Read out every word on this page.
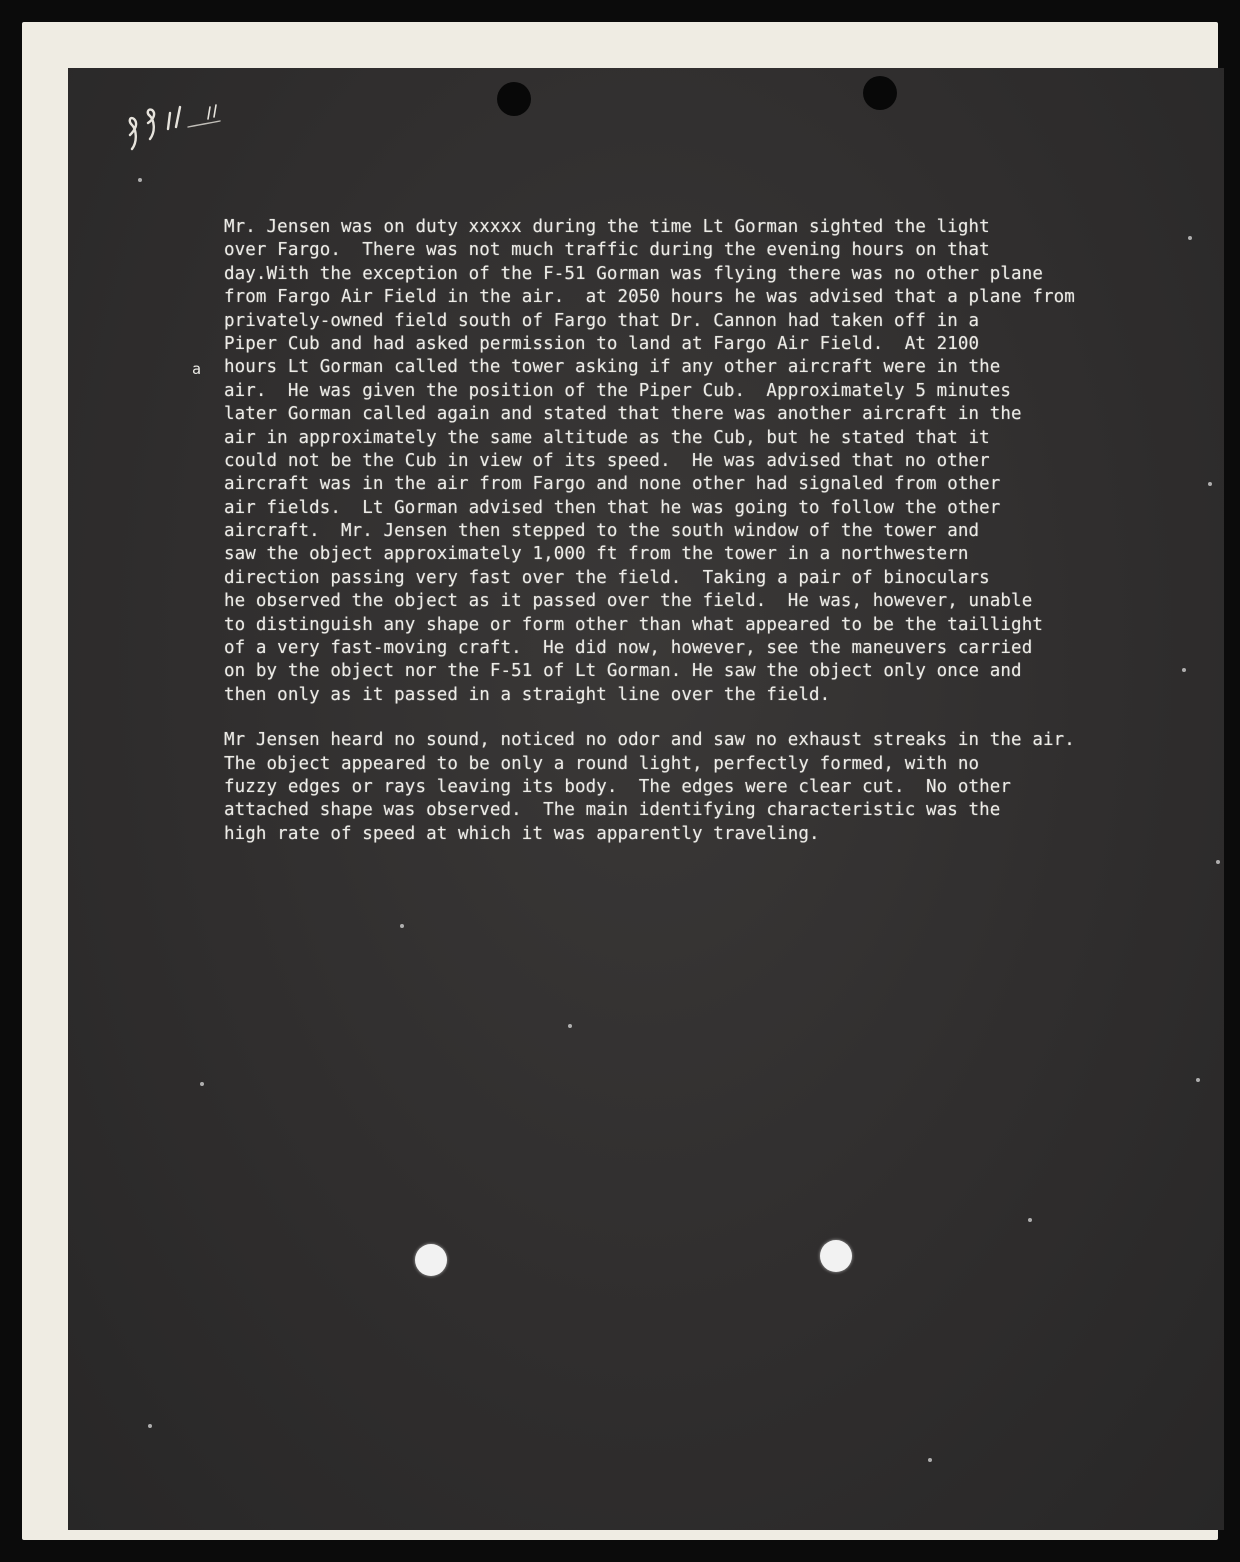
a
Mr. Jensen was on duty xxxxx during the time Lt Gorman sighted the light
over Fargo.  There was not much traffic during the evening hours on that
day.With the exception of the F-51 Gorman was flying there was no other plane
from Fargo Air Field in the air.  at 2050 hours he was advised that a plane from
privately-owned field south of Fargo that Dr. Cannon had taken off in a
Piper Cub and had asked permission to land at Fargo Air Field.  At 2100
hours Lt Gorman called the tower asking if any other aircraft were in the
air.  He was given the position of the Piper Cub.  Approximately 5 minutes
later Gorman called again and stated that there was another aircraft in the
air in approximately the same altitude as the Cub, but he stated that it
could not be the Cub in view of its speed.  He was advised that no other
aircraft was in the air from Fargo and none other had signaled from other
air fields.  Lt Gorman advised then that he was going to follow the other
aircraft.  Mr. Jensen then stepped to the south window of the tower and
saw the object approximately 1,000 ft from the tower in a northwestern
direction passing very fast over the field.  Taking a pair of binoculars
he observed the object as it passed over the field.  He was, however, unable
to distinguish any shape or form other than what appeared to be the taillight
of a very fast-moving craft.  He did now, however, see the maneuvers carried
on by the object nor the F-51 of Lt Gorman. He saw the object only once and
then only as it passed in a straight line over the field.
Mr Jensen heard no sound, noticed no odor and saw no exhaust streaks in the air.
The object appeared to be only a round light, perfectly formed, with no
fuzzy edges or rays leaving its body.  The edges were clear cut.  No other
attached shape was observed.  The main identifying characteristic was the
high rate of speed at which it was apparently traveling.
